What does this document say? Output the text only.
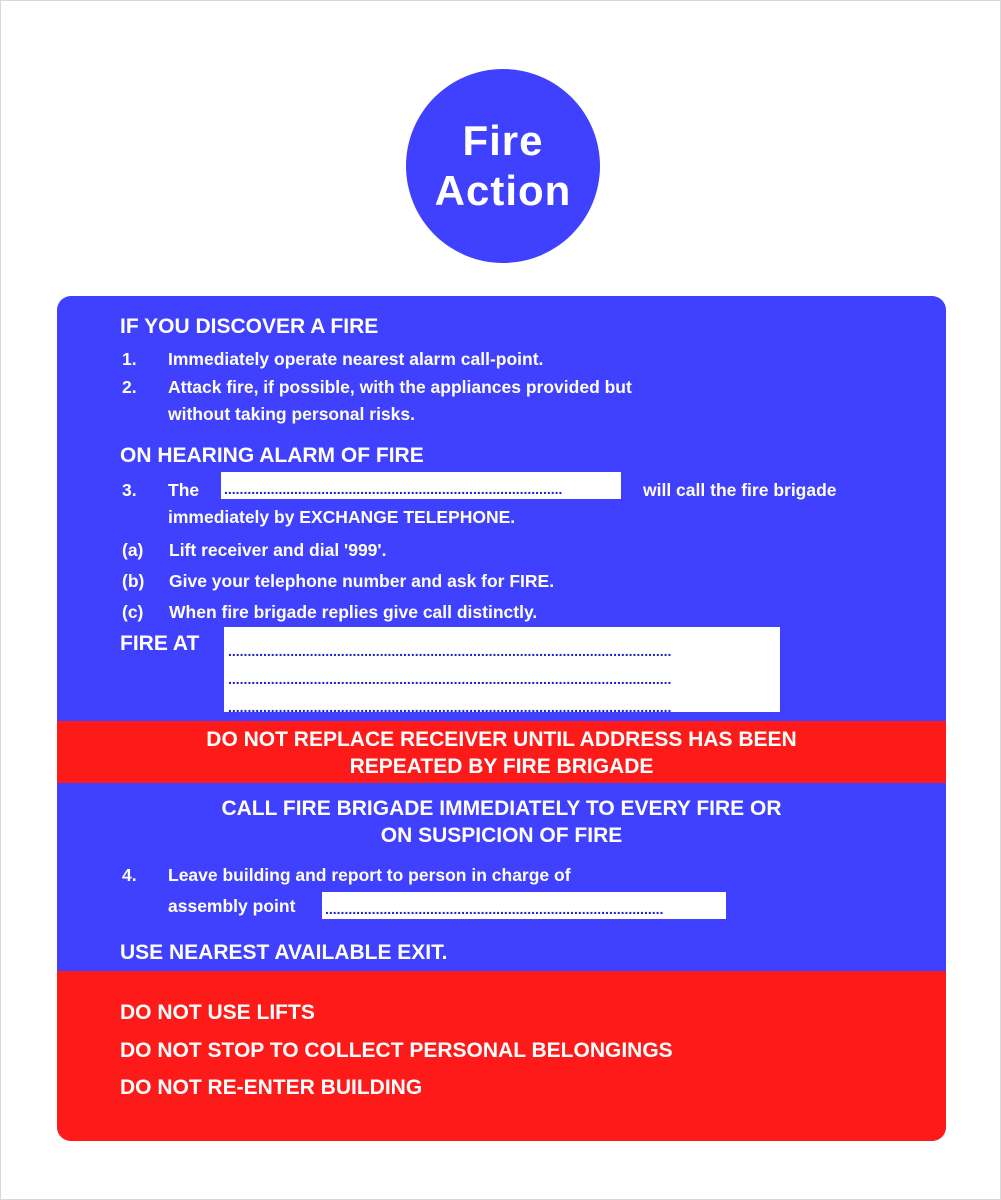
Fire
Action
IF YOU DISCOVER A FIRE
1. Immediately operate nearest alarm call-point.
2. Attack fire, if possible, with the appliances provided but
without taking personal risks.
ON HEARING ALARM OF FIRE
3. The .......................................................................................	will call the fire brigade
immediately by EXCHANGE TELEPHONE.
(a) Lift receiver and dial '999'.
(b) Give your telephone number and ask for FIRE.
(c) When fire brigade replies give call distinctly.
FIRE AT ..................................................................................................................
..................................................................................................................
..................................................................................................................
DO NOT REPLACE RECEIVER UNTIL ADDRESS HAS BEEN
REPEATED BY FIRE BRIGADE
CALL FIRE BRIGADE IMMEDIATELY TO EVERY FIRE OR
ON SUSPICION OF FIRE
4. Leave building and report to person in charge of
assembly point .......................................................................................
USE NEAREST AVAILABLE EXIT.
DO NOT USE LIFTS
DO NOT STOP TO COLLECT PERSONAL BELONGINGS
DO NOT RE-ENTER BUILDING
